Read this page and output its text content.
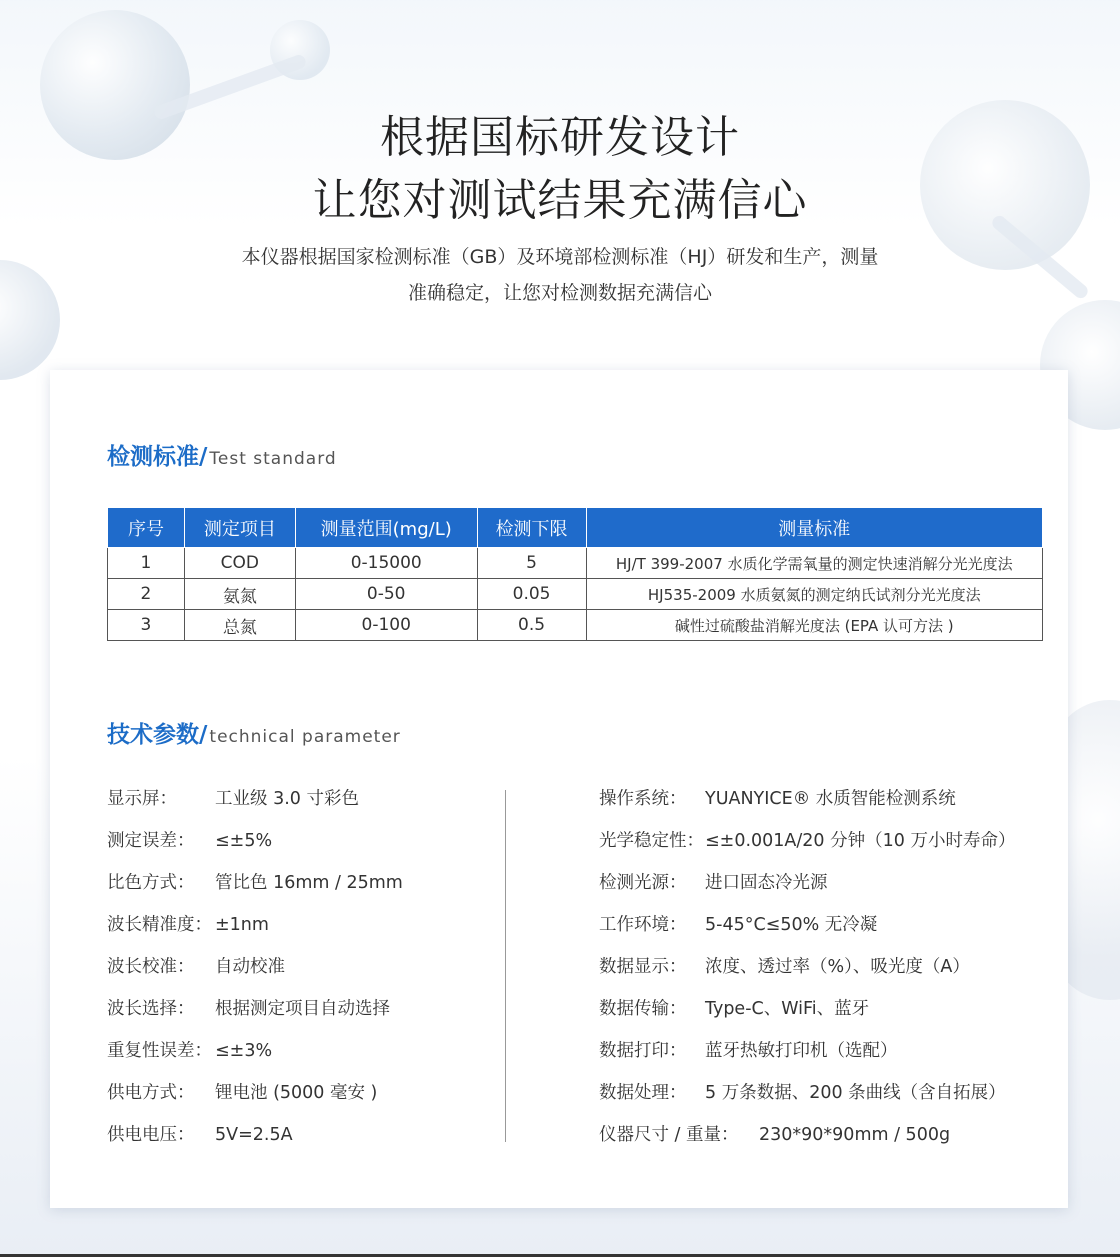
根据国标研发设计
让您对测试结果充满信心
本仪器根据国家检测标准（GB）及环境部检测标准（HJ）研发和生产，测量
准确稳定，让您对检测数据充满信心
检测标准/ Test standard
序号	测定项目	测量范围(mg/L)	检测下限	测量标准
1	COD	0-15000	5	HJ/T 399-2007 水质化学需氧量的测定快速消解分光光度法
2	氨氮	0-50	0.05	HJ535-2009 水质氨氮的测定纳氏试剂分光光度法
3	总氮	0-100	0.5	碱性过硫酸盐消解光度法 (EPA 认可方法 )
技术参数/ technical parameter
显示屏：	工业级 3.0 寸彩色
测定误差：	≤±5%
比色方式：	管比色 16mm / 25mm
波长精准度： ±1nm
波长校准：	自动校准
波长选择：	根据测定项目自动选择
重复性误差： ≤±3%
供电方式：	锂电池 (5000 毫安 )
供电电压：	5V=2.5A
操作系统：	YUANYICE® 水质智能检测系统
光学稳定性： ≤±0.001A/20 分钟（10 万小时寿命）
检测光源：	进口固态冷光源
工作环境：	5-45°C≤50% 无冷凝
数据显示：	浓度、透过率（%）、吸光度（A）
数据传输：	Type-C、WiFi、蓝牙
数据打印：	蓝牙热敏打印机（选配）
数据处理：	5 万条数据、200 条曲线（含自拓展）
仪器尺寸 / 重量：	230*90*90mm / 500g
